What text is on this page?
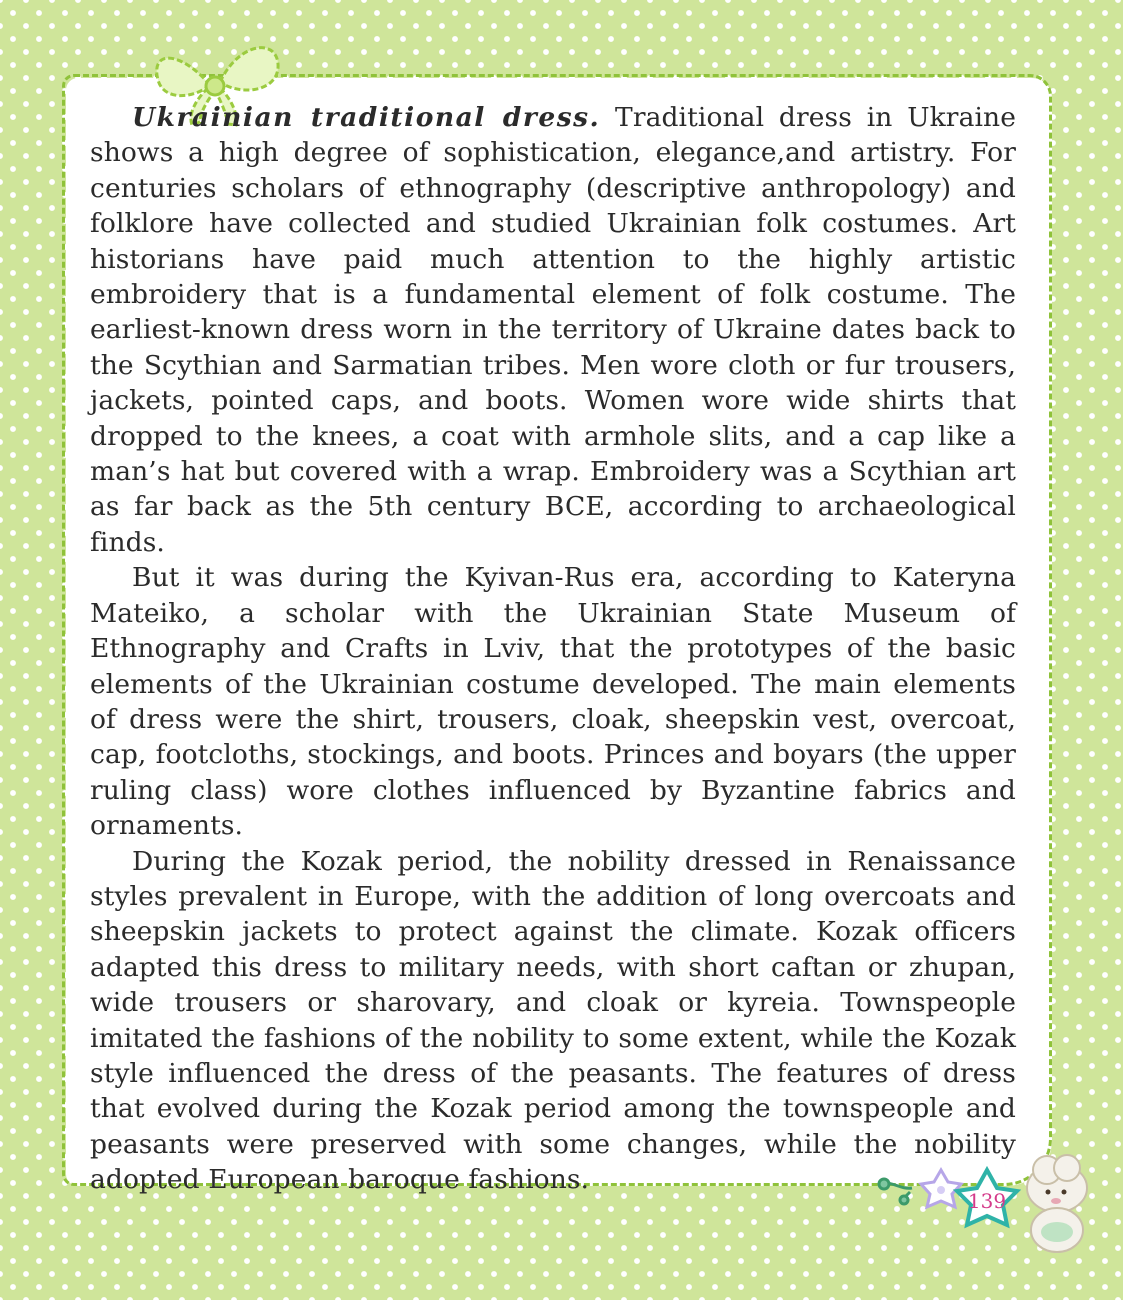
Ukrainian traditional dress. Traditional dress in Ukraine shows a high degree of sophistication, elegance,and artistry. For centuries scholars of ethnography (descriptive anthropology) and folklore have collected and studied Ukrainian folk costumes. Art historians have paid much attention to the highly artistic embroidery that is a fundamental element of folk costume. The earliest-known dress worn in the territory of Ukraine dates back to the Scythian and Sarmatian tribes. Men wore cloth or fur trousers, jackets, pointed caps, and boots. Women wore wide shirts that dropped to the knees, a coat with armhole slits, and a cap like a man’s hat but covered with a wrap. Embroidery was a Scythian art as far back as the 5th century BCE, according to archaeological finds.

But it was during the Kyivan-Rus era, according to Kateryna Mateiko, a scholar with the Ukrainian State Museum of Ethnography and Crafts in Lviv, that the prototypes of the basic elements of the Ukrainian costume developed. The main elements of dress were the shirt, trousers, cloak, sheepskin vest, overcoat, cap, footcloths, stockings, and boots. Princes and boyars (the upper ruling class) wore clothes influenced by Byzantine fabrics and ornaments.

During the Kozak period, the nobility dressed in Renaissance styles prevalent in Europe, with the addition of long overcoats and sheepskin jackets to protect against the climate. Kozak officers adapted this dress to military needs, with short caftan or zhupan, wide trousers or sharovary, and cloak or kyreia. Townspeople imitated the fashions of the nobility to some extent, while the Kozak style influenced the dress of the peasants. The features of dress that evolved during the Kozak period among the townspeople and peasants were preserved with some changes, while the nobility adopted European baroque fashions.

139
